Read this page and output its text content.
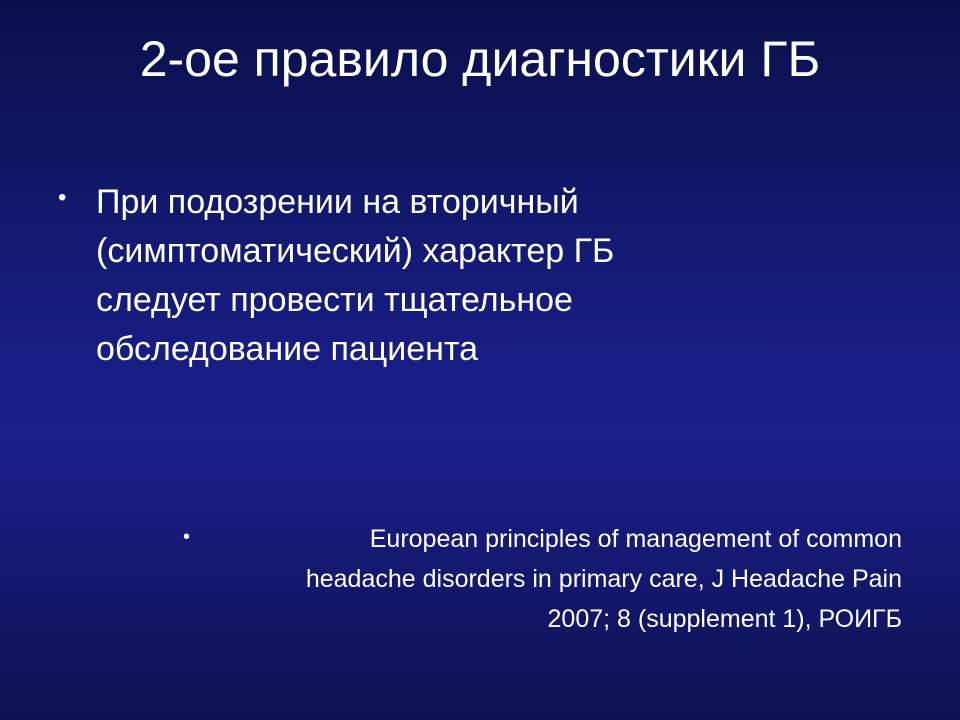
2-ое правило диагностики ГБ
• При подозрении на вторичный
(симптоматический) характер ГБ
следует провести тщательное
обследование пациента
•	European principles of management of common
headache disorders in primary care, J Headache Pain
2007; 8 (supplement 1), РОИГБ
